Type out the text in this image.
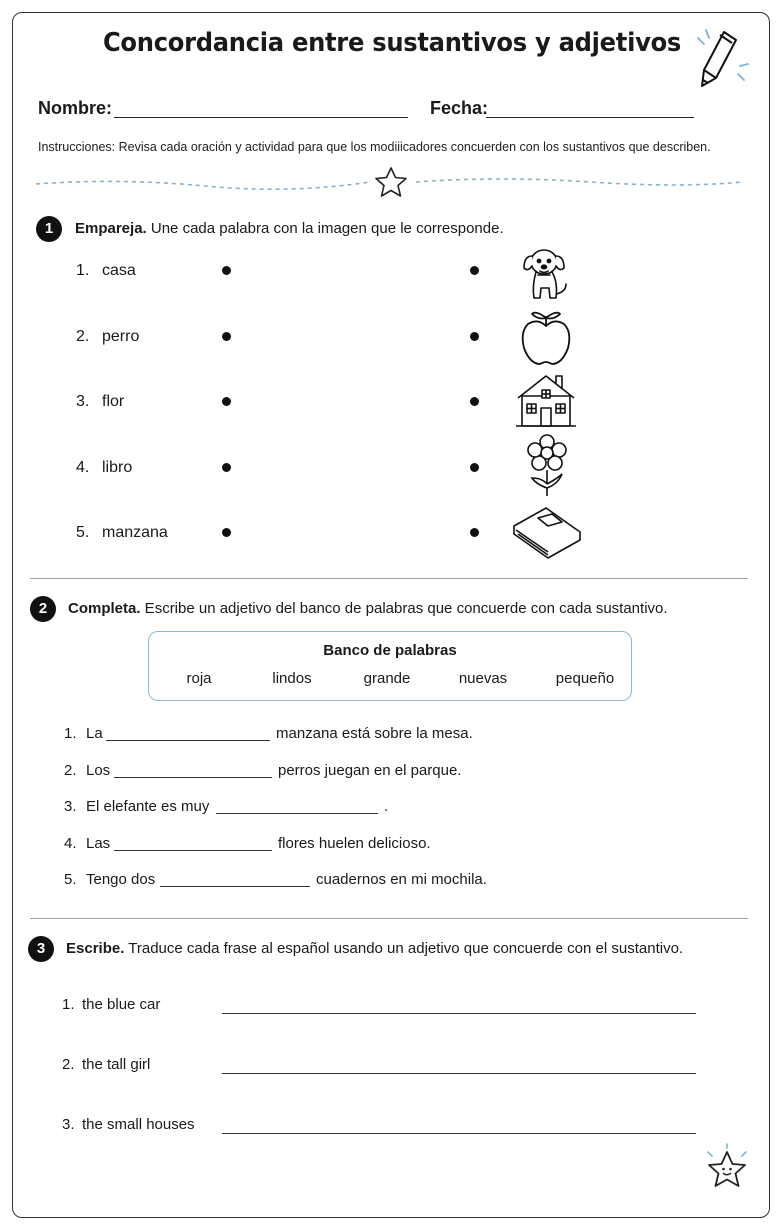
Concordancia entre sustantivos y adjetivos
Nombre:	Fecha:
Instrucciones: Revisa cada oración y actividad para que los modiiicadores concuerden con los sustantivos que describen.
1	Empareja. Une cada palabra con la imagen que le corresponde.
1. casa
2. perro
3. flor
4. libro
5. manzana
2	Completa. Escribe un adjetivo del banco de palabras que concuerde con cada sustantivo.
Banco de palabras
roja	lindos	grande	nuevas	pequeño
1. La	manzana está sobre la mesa.
2. Los	perros juegan en el parque.
3. El elefante es muy	.
4. Las	flores huelen delicioso.
5. Tengo dos	cuadernos en mi mochila.
3	Escribe. Traduce cada frase al español usando un adjetivo que concuerde con el sustantivo.
1. the blue car
2. the tall girl
3. the small houses
